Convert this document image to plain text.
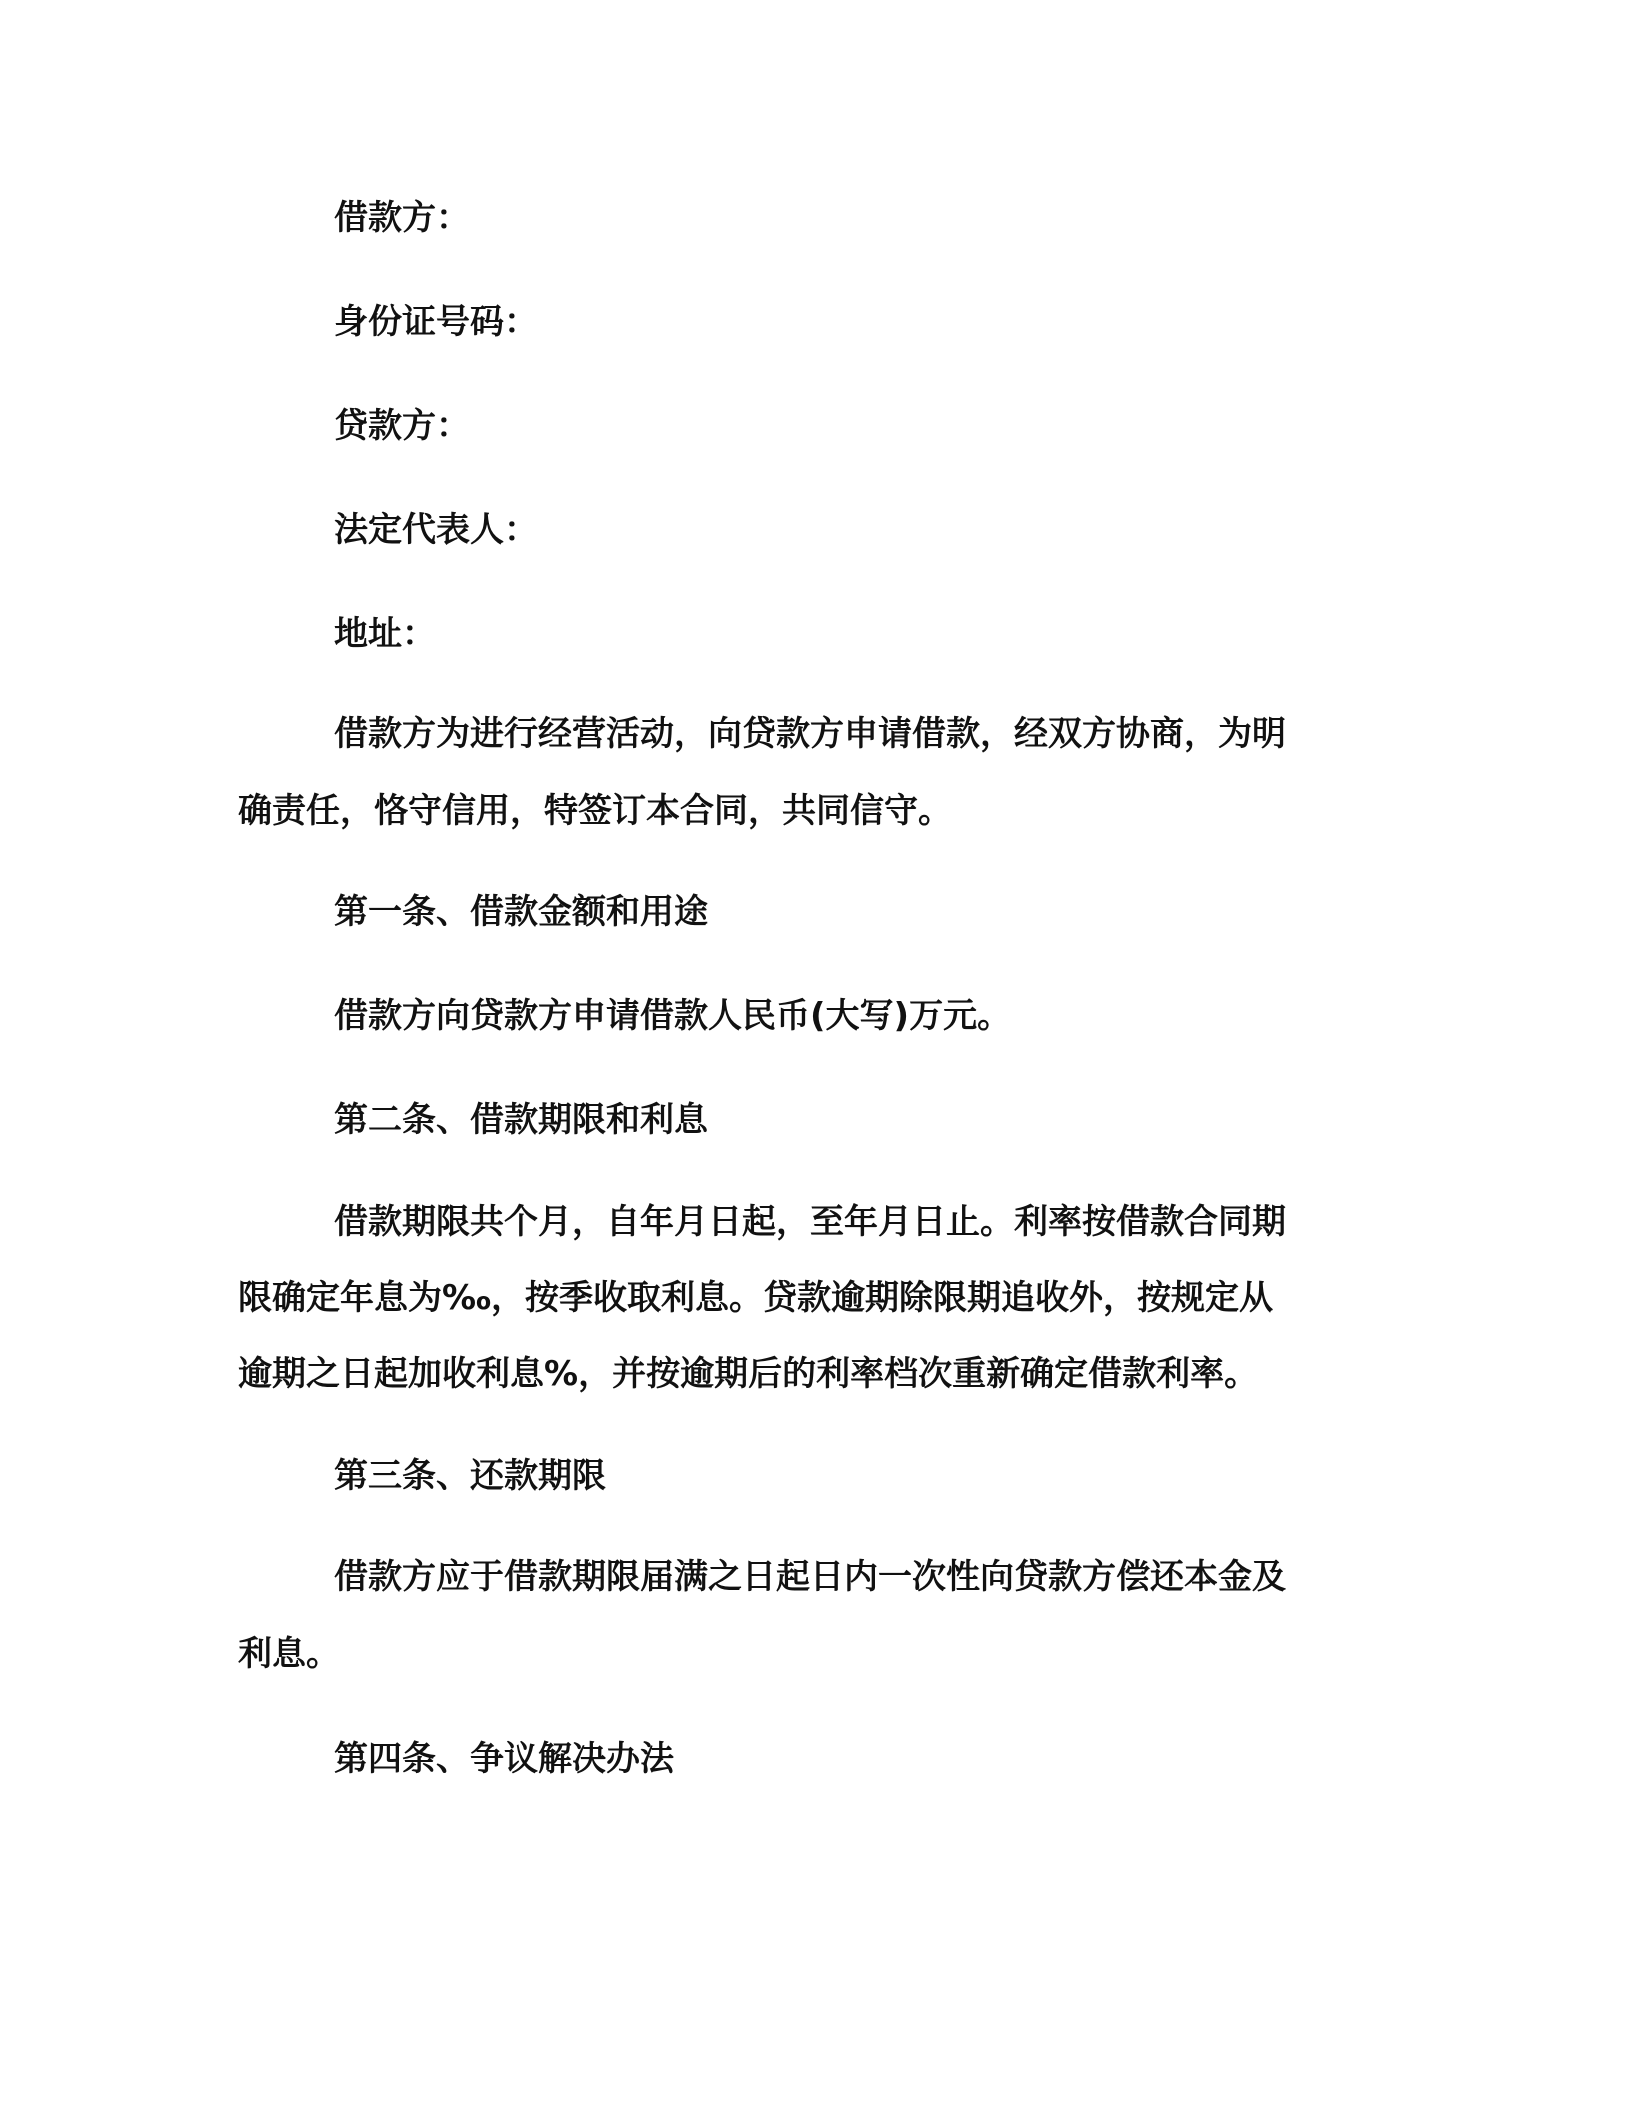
借款方：
身份证号码：
贷款方：
法定代表人：
地址：
借款方为进行经营活动，向贷款方申请借款，经双方协商，为明
确责任，恪守信用，特签订本合同，共同信守。
第一条、借款金额和用途
借款方向贷款方申请借款人民币(大写)万元。
第二条、借款期限和利息
借款期限共个月，自年月日起，至年月日止。利率按借款合同期
限确定年息为‰，按季收取利息。贷款逾期除限期追收外，按规定从
逾期之日起加收利息%，并按逾期后的利率档次重新确定借款利率。
第三条、还款期限
借款方应于借款期限届满之日起日内一次性向贷款方偿还本金及
利息。
第四条、争议解决办法
